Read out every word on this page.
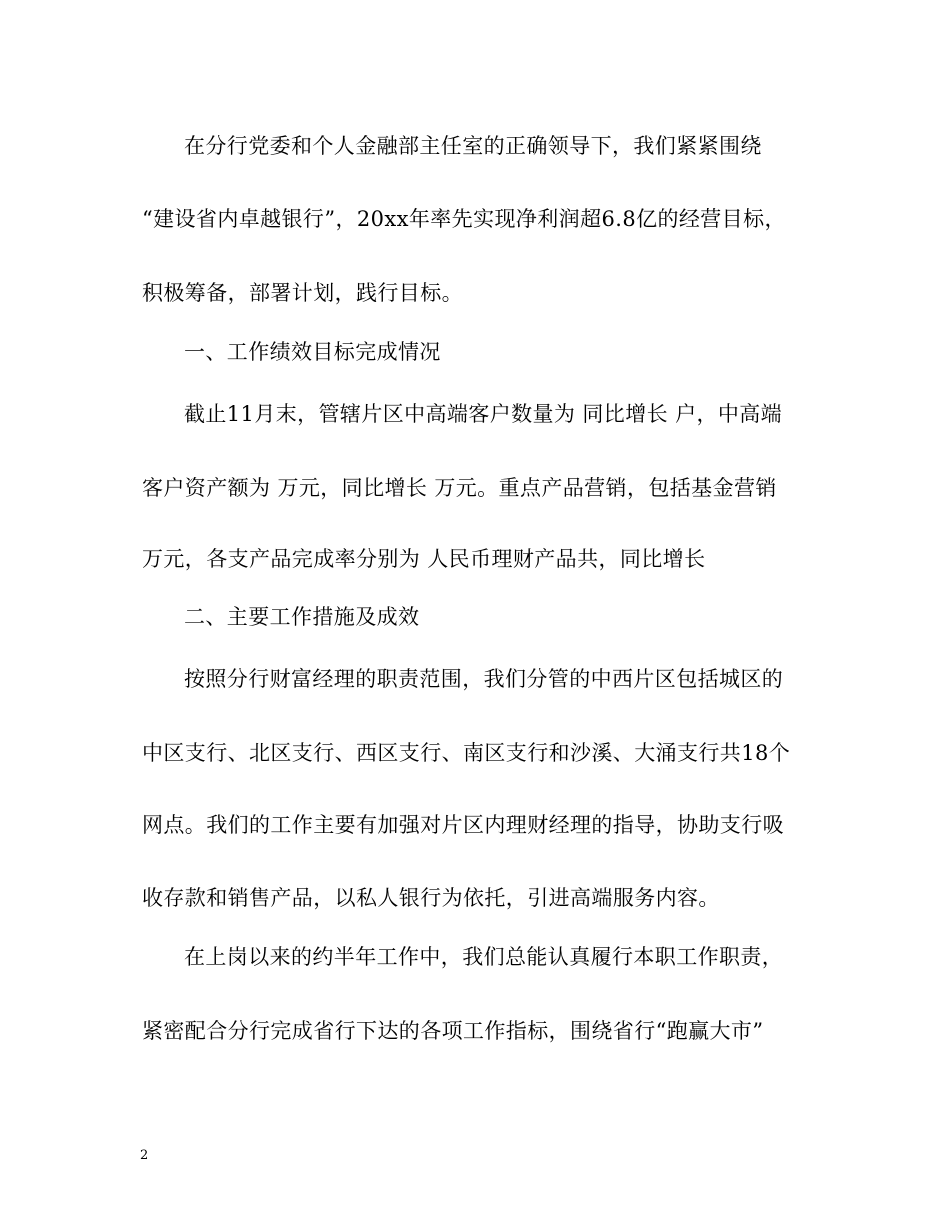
在分行党委和个人金融部主任室的正确领导下，我们紧紧围绕
“建设省内卓越银行”，20xx年率先实现净利润超6.8亿的经营目标，
积极筹备，部署计划，践行目标。
一、工作绩效目标完成情况
截止11月末，管辖片区中高端客户数量为 同比增长 户，中高端
客户资产额为 万元，同比增长 万元。重点产品营销，包括基金营销
万元，各支产品完成率分别为 人民币理财产品共，同比增长
二、主要工作措施及成效
按照分行财富经理的职责范围，我们分管的中西片区包括城区的
中区支行、北区支行、西区支行、南区支行和沙溪、大涌支行共18个
网点。我们的工作主要有加强对片区内理财经理的指导，协助支行吸
收存款和销售产品，以私人银行为依托，引进高端服务内容。
在上岗以来的约半年工作中，我们总能认真履行本职工作职责，
紧密配合分行完成省行下达的各项工作指标，围绕省行“跑赢大市”
2
